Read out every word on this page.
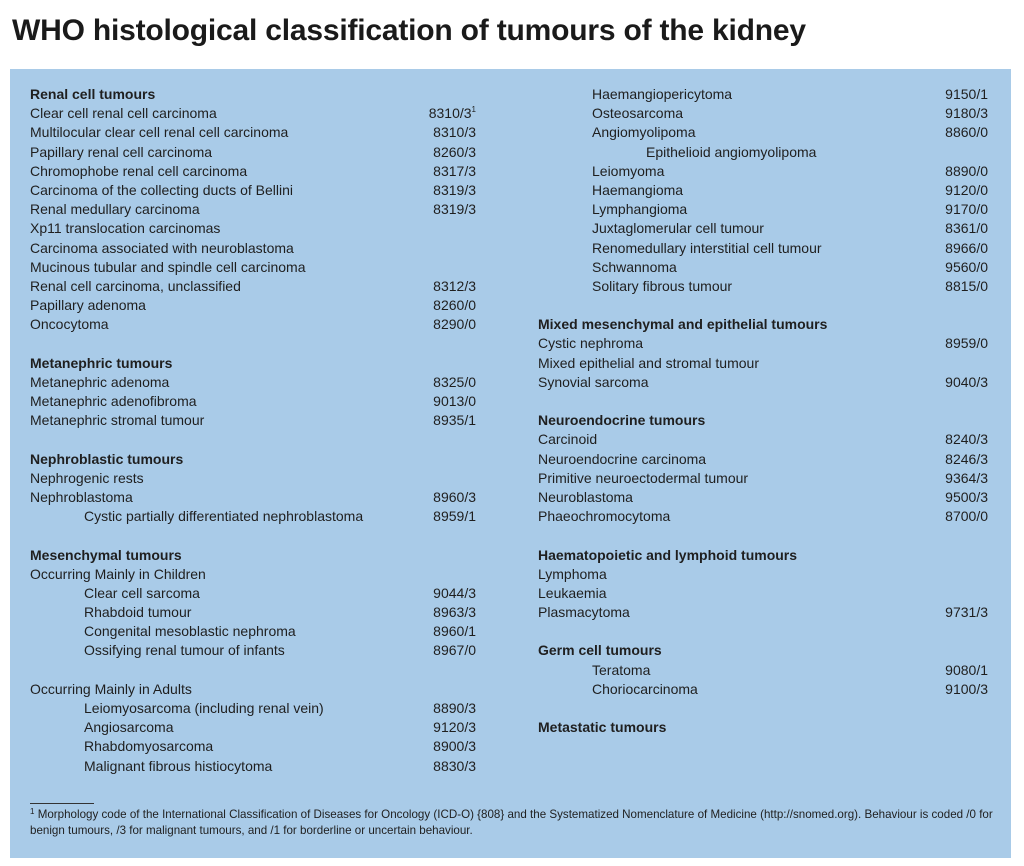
WHO histological classification of tumours of the kidney
Renal cell tumours
Clear cell renal cell carcinoma	$8310/3^1$
Multilocular clear cell renal cell carcinoma	8310/3
Papillary renal cell carcinoma	8260/3
Chromophobe renal cell carcinoma	8317/3
Carcinoma of the collecting ducts of Bellini	8319/3
Renal medullary carcinoma	8319/3
Xp11 translocation carcinomas
Carcinoma associated with neuroblastoma
Mucinous tubular and spindle cell carcinoma
Renal cell carcinoma, unclassified	8312/3
Papillary adenoma	8260/0
Oncocytoma	8290/0
Metanephric tumours
Metanephric adenoma	8325/0
Metanephric adenofibroma	9013/0
Metanephric stromal tumour	8935/1
Nephroblastic tumours
Nephrogenic rests
Nephroblastoma	8960/3
Cystic partially differentiated nephroblastoma	8959/1
Mesenchymal tumours
Occurring Mainly in Children
Clear cell sarcoma	9044/3
Rhabdoid tumour	8963/3
Congenital mesoblastic nephroma	8960/1
Ossifying renal tumour of infants	8967/0
Occurring Mainly in Adults
Leiomyosarcoma (including renal vein)	8890/3
Angiosarcoma	9120/3
Rhabdomyosarcoma	8900/3
Malignant fibrous histiocytoma	8830/3
Haemangiopericytoma	9150/1
Osteosarcoma	9180/3
Angiomyolipoma	8860/0
Epithelioid angiomyolipoma
Leiomyoma	8890/0
Haemangioma	9120/0
Lymphangioma	9170/0
Juxtaglomerular cell tumour	8361/0
Renomedullary interstitial cell tumour	8966/0
Schwannoma	9560/0
Solitary fibrous tumour	8815/0
Mixed mesenchymal and epithelial tumours
Cystic nephroma	8959/0
Mixed epithelial and stromal tumour
Synovial sarcoma	9040/3
Neuroendocrine tumours
Carcinoid	8240/3
Neuroendocrine carcinoma	8246/3
Primitive neuroectodermal tumour	9364/3
Neuroblastoma	9500/3
Phaeochromocytoma	8700/0
Haematopoietic and lymphoid tumours
Lymphoma
Leukaemia
Plasmacytoma	9731/3
Germ cell tumours
Teratoma	9080/1
Choriocarcinoma	9100/3
Metastatic tumours
$^1$ Morphology code of the International Classification of Diseases for Oncology (ICD-O) {808} and the Systematized Nomenclature of Medicine (http://snomed.org). Behaviour is coded /0 for benign tumours, /3 for malignant tumours, and /1 for borderline or uncertain behaviour.
